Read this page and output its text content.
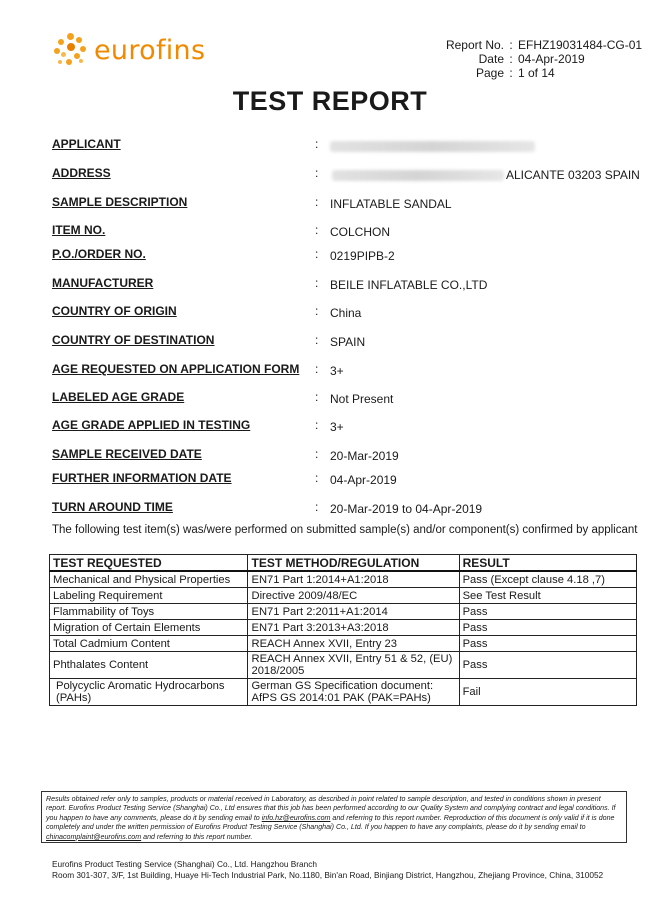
eurofins	Report No. : EFHZ19031484-CG-01
Date : 04-Apr-2019
Page : 1 of 14
TEST REPORT
APPLICANT	:
ADDRESS	:	ALICANTE 03203 SPAIN
SAMPLE DESCRIPTION	: INFLATABLE SANDAL
ITEM NO.	: COLCHON
P.O./ORDER NO.	: 0219PIPB-2
MANUFACTURER	: BEILE INFLATABLE CO.,LTD
COUNTRY OF ORIGIN	: China
COUNTRY OF DESTINATION	: SPAIN
AGE REQUESTED ON APPLICATION FORM : 3+
LABELED AGE GRADE	: Not Present
AGE GRADE APPLIED IN TESTING	: 3+
SAMPLE RECEIVED DATE	: 20-Mar-2019
FURTHER INFORMATION DATE	: 04-Apr-2019
TURN AROUND TIME	: 20-Mar-2019 to 04-Apr-2019
The following test item(s) was/were performed on submitted sample(s) and/or component(s) confirmed by applicant
TEST REQUESTED	TEST METHOD/REGULATION	RESULT
Mechanical and Physical Properties	EN71 Part 1:2014+A1:2018	Pass (Except clause 4.18 ,7)
Labeling Requirement	Directive 2009/48/EC	See Test Result
Flammability of Toys	EN71 Part 2:2011+A1:2014	Pass
Migration of Certain Elements	EN71 Part 3:2013+A3:2018	Pass
Total Cadmium Content	REACH Annex XVII, Entry 23	Pass
Phthalates Content	REACH Annex XVII, Entry 51 & 52, (EU) 2018/2005	Pass
Polycyclic Aromatic Hydrocarbons (PAHs)	German GS Specification document: AfPS GS 2014:01 PAK (PAK=PAHs)	Fail
Results obtained refer only to samples, products or material received in Laboratory, as described in point related to sample description, and tested in conditions shown in present report. Eurofins Product Testing Service (Shanghai) Co., Ltd ensures that this job has been performed according to our Quality System and complying contract and legal conditions. If you happen to have any comments, please do it by sending email to info.hz@eurofins.com and referring to this report number. Reproduction of this document is only valid if it is done completely and under the written permission of Eurofins Product Testing Service (Shanghai) Co., Ltd. If you happen to have any complaints, please do it by sending email to chinacomplaint@eurofins.com and referring to this report number.
Eurofins Product Testing Service (Shanghai) Co., Ltd. Hangzhou Branch
Room 301-307, 3/F, 1st Building, Huaye Hi-Tech Industrial Park, No.1180, Bin'an Road, Binjiang District, Hangzhou, Zhejiang Province, China, 310052
